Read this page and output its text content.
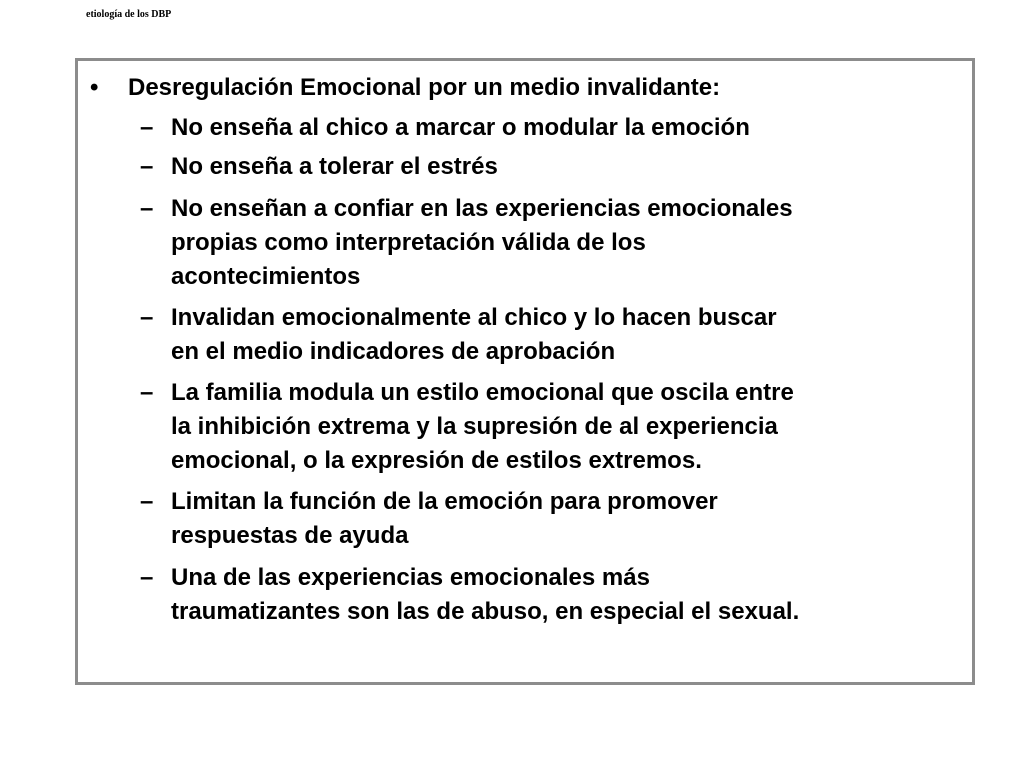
etiología de los DBP
•	Desregulación Emocional por un medio invalidante:
– No enseña al chico a marcar o modular la emoción
– No enseña a tolerar el estrés
– No enseñan a confiar en las experiencias emocionales
propias como interpretación válida de los
acontecimientos
– Invalidan emocionalmente al chico y lo hacen buscar
en el medio indicadores de aprobación
– La familia modula un estilo emocional que oscila entre
la inhibición extrema y la supresión de al experiencia
emocional, o la expresión de estilos extremos.
– Limitan la función de la emoción para promover
respuestas de ayuda
– Una de las experiencias emocionales más
traumatizantes son las de abuso, en especial el sexual.
